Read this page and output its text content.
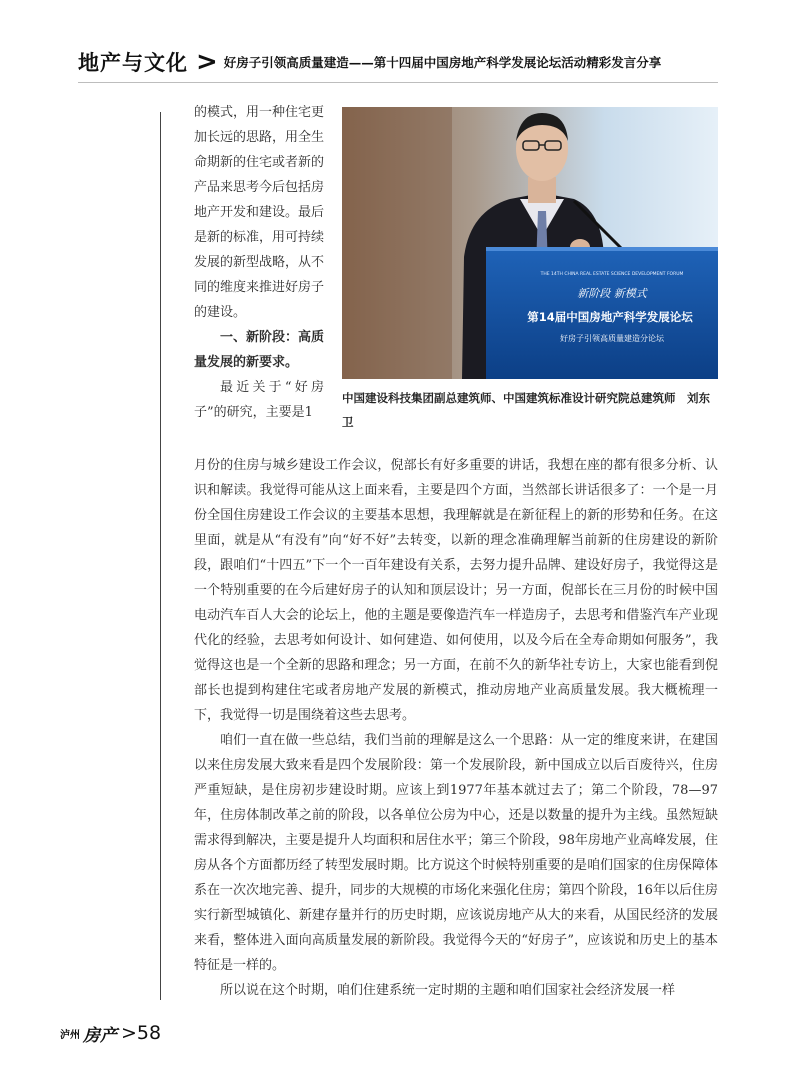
地产与文化 > 好房子引领高质量建造——第十四届中国房地产科学发展论坛活动精彩发言分享

的模式，用一种住宅更加长远的思路，用全生命期新的住宅或者新的产品来思考今后包括房地产开发和建设。最后是新的标准，用可持续发展的新型战略，从不同的维度来推进好房子的建设。

一、新阶段：高质量发展的新要求。

最近关于“好房子”的研究，主要是1

THE 14TH CHINA REAL ESTATE SCIENCE DEVELOPMENT FORUM
新阶段 新模式
第14届中国房地产科学发展论坛
好房子引领高质量建造分论坛
中国建设科技集团副总建筑师、中国建筑标准设计研究院总建筑师　刘东卫

月份的住房与城乡建设工作会议，倪部长有好多重要的讲话，我想在座的都有很多分析、认识和解读。我觉得可能从这上面来看，主要是四个方面，当然部长讲话很多了：一个是一月份全国住房建设工作会议的主要基本思想，我理解就是在新征程上的新的形势和任务。在这里面，就是从“有没有”向“好不好”去转变，以新的理念准确理解当前新的住房建设的新阶段，跟咱们“十四五”下一个一百年建设有关系，去努力提升品牌、建设好房子，我觉得这是一个特别重要的在今后建好房子的认知和顶层设计；另一方面，倪部长在三月份的时候中国电动汽车百人大会的论坛上，他的主题是要像造汽车一样造房子，去思考和借鉴汽车产业现代化的经验，去思考如何设计、如何建造、如何使用，以及今后在全寿命期如何服务”，我觉得这也是一个全新的思路和理念；另一方面，在前不久的新华社专访上，大家也能看到倪部长也提到构建住宅或者房地产发展的新模式，推动房地产业高质量发展。我大概梳理一下，我觉得一切是围绕着这些去思考。

咱们一直在做一些总结，我们当前的理解是这么一个思路：从一定的维度来讲，在建国以来住房发展大致来看是四个发展阶段：第一个发展阶段，新中国成立以后百废待兴，住房严重短缺，是住房初步建设时期。应该上到1977年基本就过去了；第二个阶段，78—97年，住房体制改革之前的阶段，以各单位公房为中心，还是以数量的提升为主线。虽然短缺需求得到解决，主要是提升人均面积和居住水平；第三个阶段，98年房地产业高峰发展，住房从各个方面都历经了转型发展时期。比方说这个时候特别重要的是咱们国家的住房保障体系在一次次地完善、提升，同步的大规模的市场化来强化住房；第四个阶段，16年以后住房实行新型城镇化、新建存量并行的历史时期，应该说房地产从大的来看，从国民经济的发展来看，整体进入面向高质量发展的新阶段。我觉得今天的“好房子”，应该说和历史上的基本特征是一样的。

所以说在这个时期，咱们住建系统一定时期的主题和咱们国家社会经济发展一样

泸州 房产 >58
